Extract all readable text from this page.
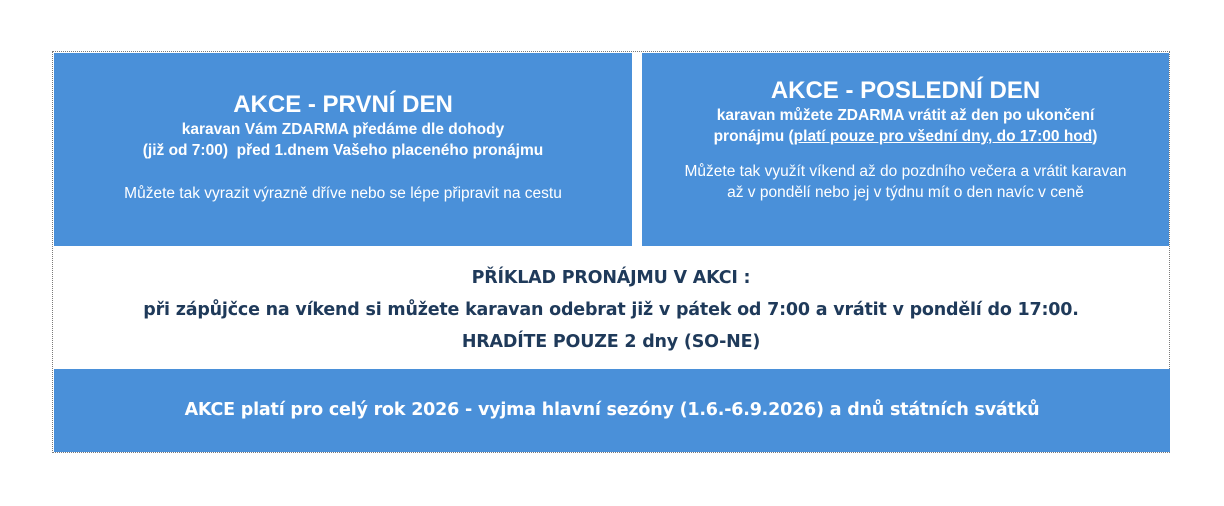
AKCE - PRVNÍ DEN
karavan Vám ZDARMA předáme dle dohody
(již od 7:00)  před 1.dnem Vašeho placeného pronájmu
Můžete tak vyrazit výrazně dříve nebo se lépe připravit na cestu
AKCE - POSLEDNÍ DEN
karavan můžete ZDARMA vrátit až den po ukončení
pronájmu (platí pouze pro všední dny, do 17:00 hod)
Můžete tak využít víkend až do pozdního večera a vrátit karavan
až v pondělí nebo jej v týdnu mít o den navíc v ceně
PŘÍKLAD PRONÁJMU V AKCI :
při zápůjčce na víkend si můžete karavan odebrat již v pátek od 7:00 a vrátit v pondělí do 17:00.
HRADÍTE POUZE 2 dny (SO-NE)
AKCE platí pro celý rok 2026 - vyjma hlavní sezóny (1.6.-6.9.2026) a dnů státních svátků
